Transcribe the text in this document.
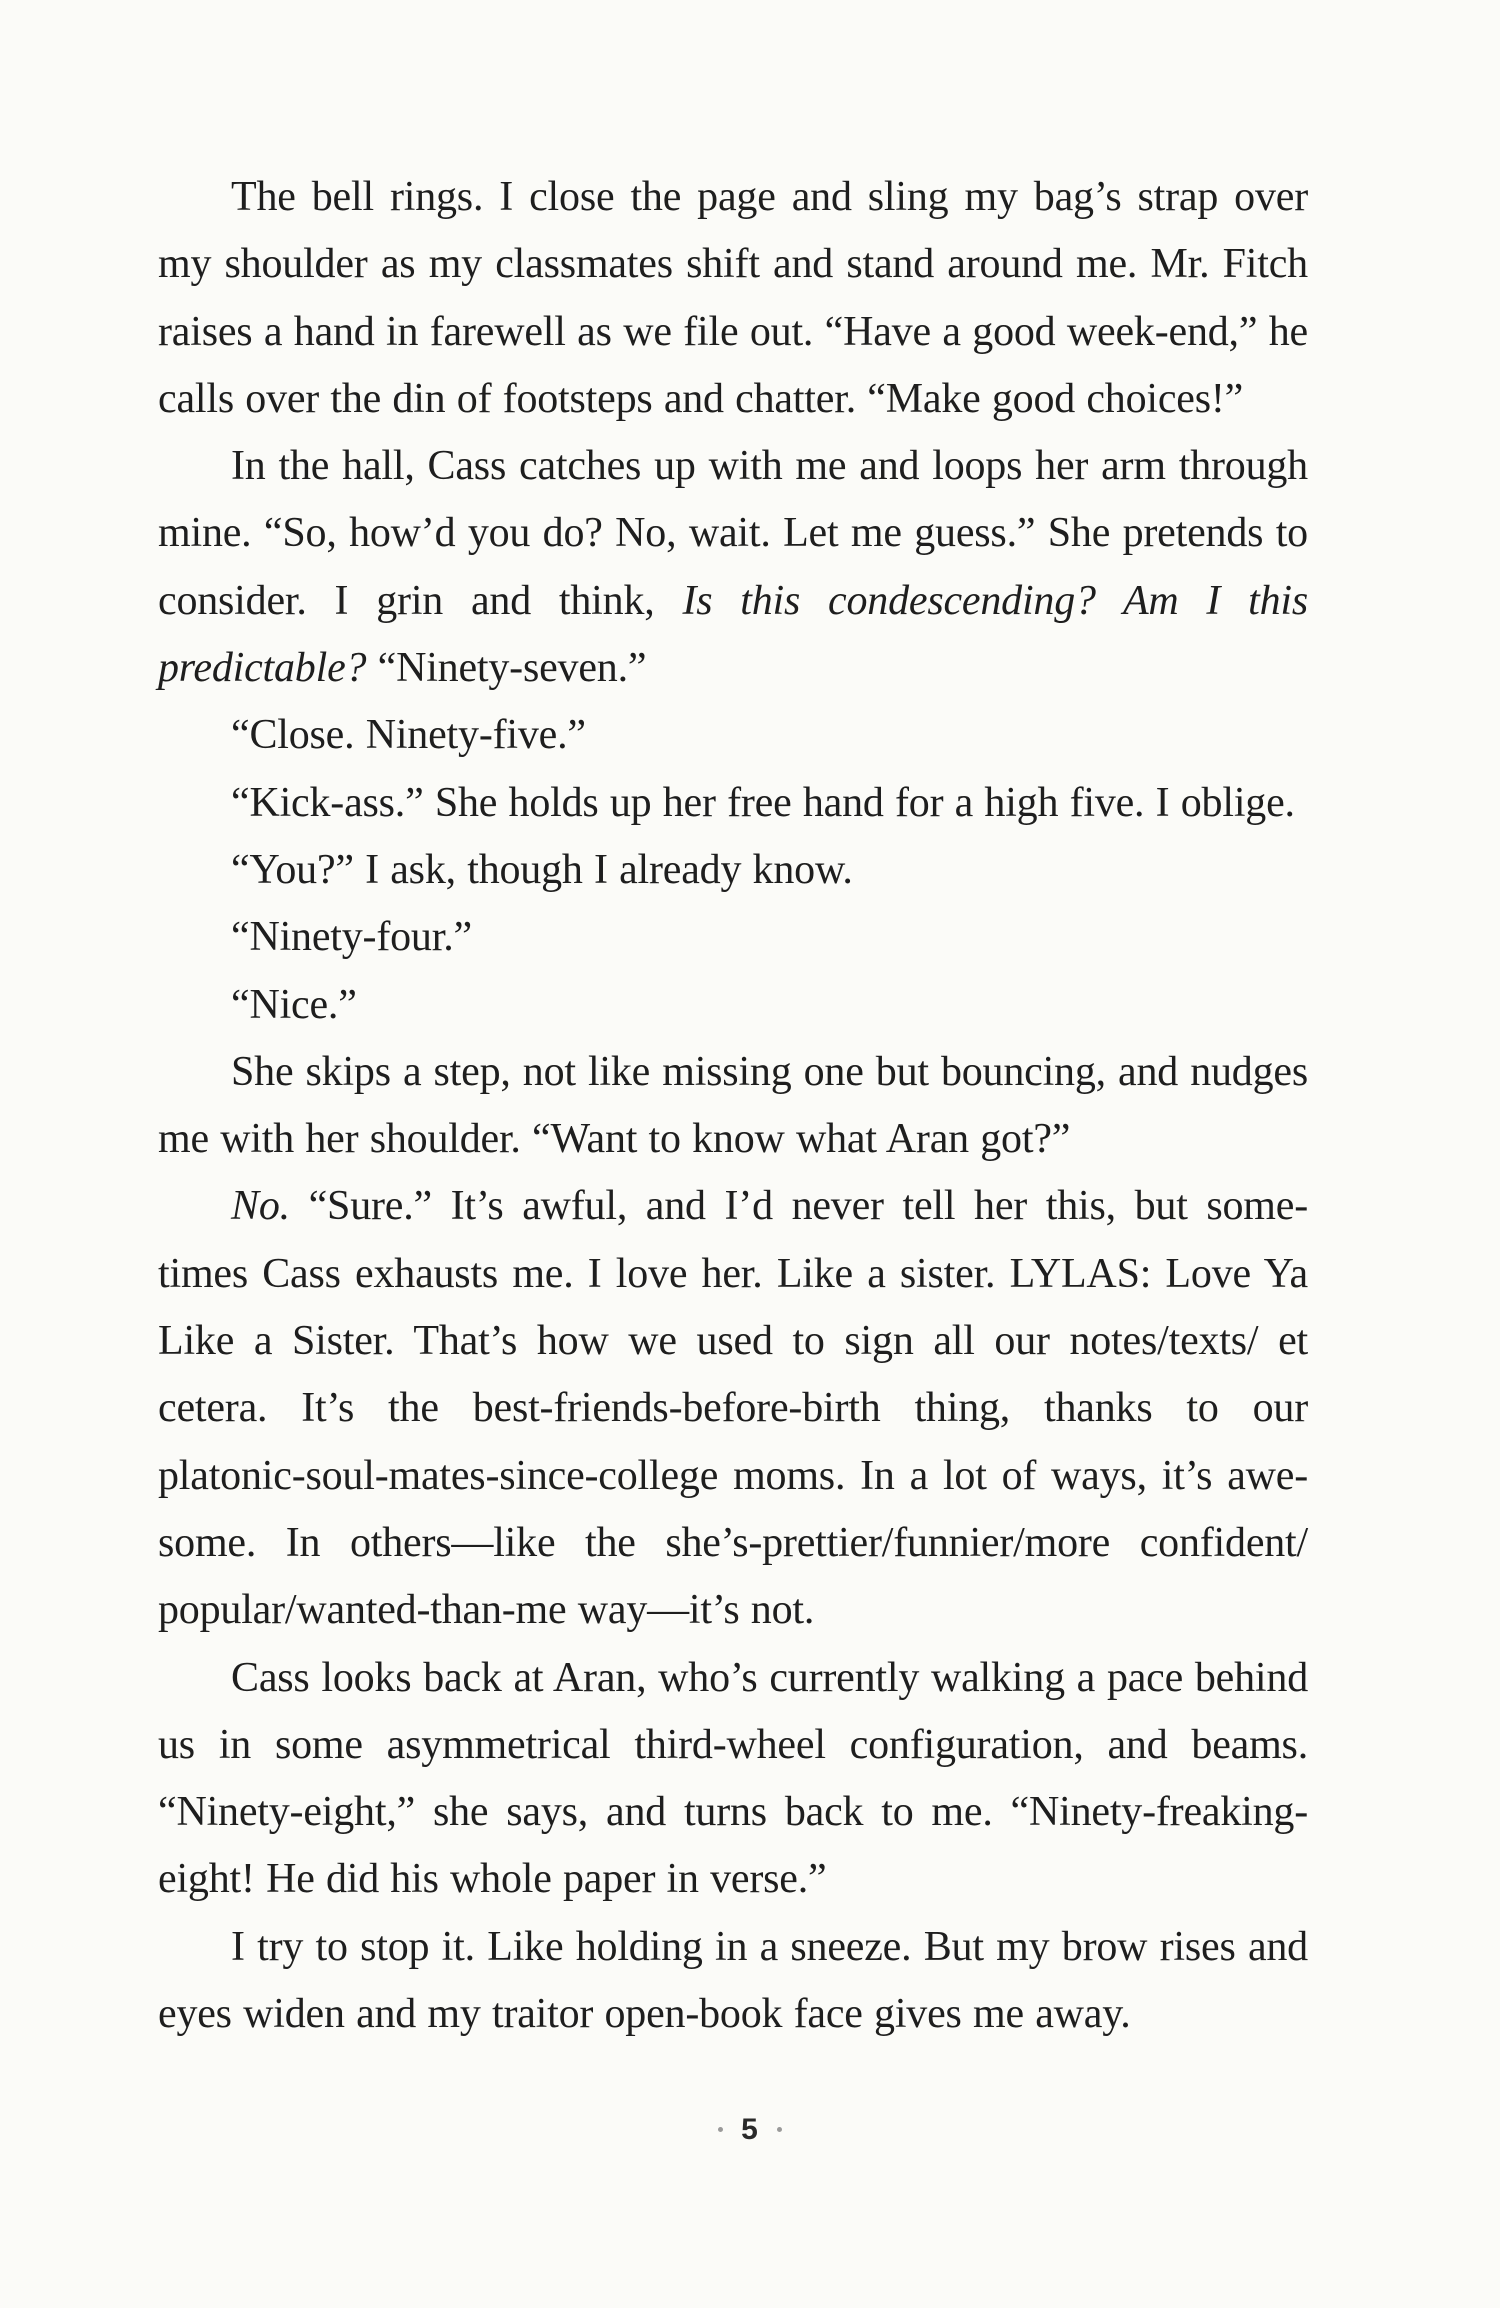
The bell rings. I close the page and sling my bag’s strap over my shoulder as my classmates shift and stand around me. Mr. Fitch raises a hand in farewell as we file out. “Have a good week-end,” he calls over the din of footsteps and chatter. “Make good choices!”

In the hall, Cass catches up with me and loops her arm through mine. “So, how’d you do? No, wait. Let me guess.” She pretends to consider. I grin and think, Is this condescending? Am I this predictable? “Ninety-seven.”

“Close. Ninety-five.”

“Kick-ass.” She holds up her free hand for a high five. I oblige.

“You?” I ask, though I already know.

“Ninety-four.”

“Nice.”

She skips a step, not like missing one but bouncing, and nudges me with her shoulder. “Want to know what Aran got?”

No. “Sure.” It’s awful, and I’d never tell her this, but some-times Cass exhausts me. I love her. Like a sister. LYLAS: Love Ya Like a Sister. That’s how we used to sign all our notes/texts/ et cetera. It’s the best-friends-before-birth thing, thanks to our platonic-soul-mates-since-college moms. In a lot of ways, it’s awe-some. In others—like the she’s-prettier/funnier/more confident/ popular/wanted-than-me way—it’s not.

Cass looks back at Aran, who’s currently walking a pace behind us in some asymmetrical third-wheel configuration, and beams. “Ninety-eight,” she says, and turns back to me. “Ninety-freaking-eight! He did his whole paper in verse.”

I try to stop it. Like holding in a sneeze. But my brow rises and eyes widen and my traitor open-book face gives me away.

5
